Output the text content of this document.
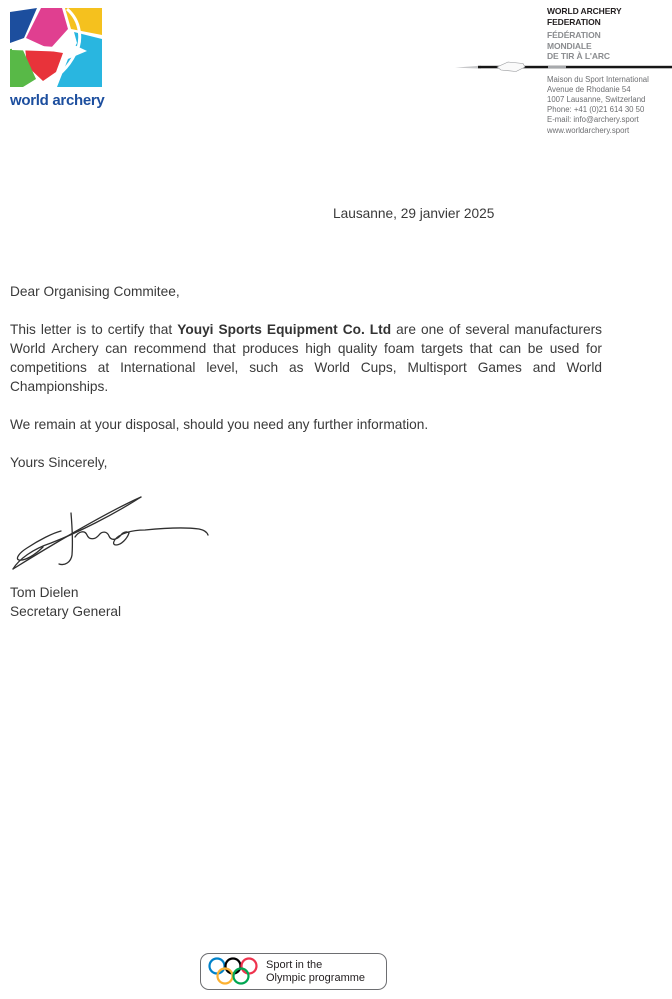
world archery
WORLD ARCHERY
FEDERATION
FÉDÉRATION
MONDIALE
DE TIR À L'ARC
Maison du Sport International
Avenue de Rhodanie 54
1007 Lausanne, Switzerland
Phone: +41 (0)21 614 30 50
E-mail: info@archery.sport
www.worldarchery.sport
Lausanne, 29 janvier 2025

Dear Organising Commitee,

This letter is to certify that Youyi Sports Equipment Co. Ltd are one of several manufacturers World Archery can recommend that produces high quality foam targets that can be used for competitions at International level, such as World Cups, Multisport Games and World Championships.

We remain at your disposal, should you need any further information.

Yours Sincerely,

Tom Dielen
Secretary General
Sport in the
Olympic programme
